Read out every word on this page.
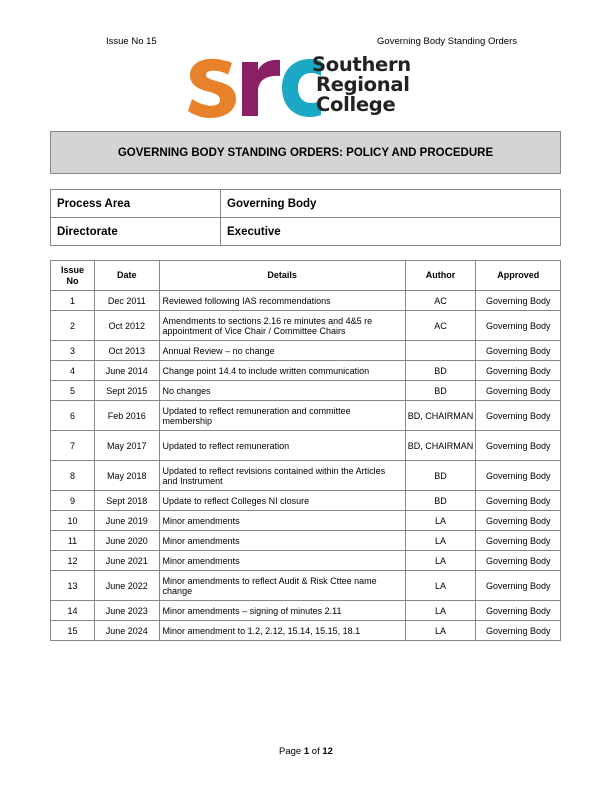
Issue No 15	Governing Body Standing Orders
Southern
Regional
College
GOVERNING BODY STANDING ORDERS: POLICY AND PROCEDURE
Process Area	Governing Body
Directorate	Executive
Issue No	Date	Details	Author	Approved
1	Dec 2011	Reviewed following IAS recommendations	AC	Governing Body
2	Oct 2012	Amendments to sections 2.16 re minutes and 4&5 re appointment of Vice Chair / Committee Chairs	AC	Governing Body
3	Oct 2013	Annual Review – no change		Governing Body
4	June 2014	Change point 14.4 to include written communication	BD	Governing Body
5	Sept 2015	No changes	BD	Governing Body
6	Feb 2016	Updated to reflect remuneration and committee membership	BD, CHAIRMAN	Governing Body
7	May 2017	Updated to reflect remuneration	BD, CHAIRMAN	Governing Body
8	May 2018	Updated to reflect revisions contained within the Articles and Instrument	BD	Governing Body
9	Sept 2018	Update to reflect Colleges NI closure	BD	Governing Body
10	June 2019	Minor amendments	LA	Governing Body
11	June 2020	Minor amendments	LA	Governing Body
12	June 2021	Minor amendments	LA	Governing Body
13	June 2022	Minor amendments to reflect Audit & Risk Cttee name change	LA	Governing Body
14	June 2023	Minor amendments – signing of minutes 2.11	LA	Governing Body
15	June 2024	Minor amendment to 1.2, 2.12, 15.14, 15.15, 18.1	LA	Governing Body
Page 1 of 12
